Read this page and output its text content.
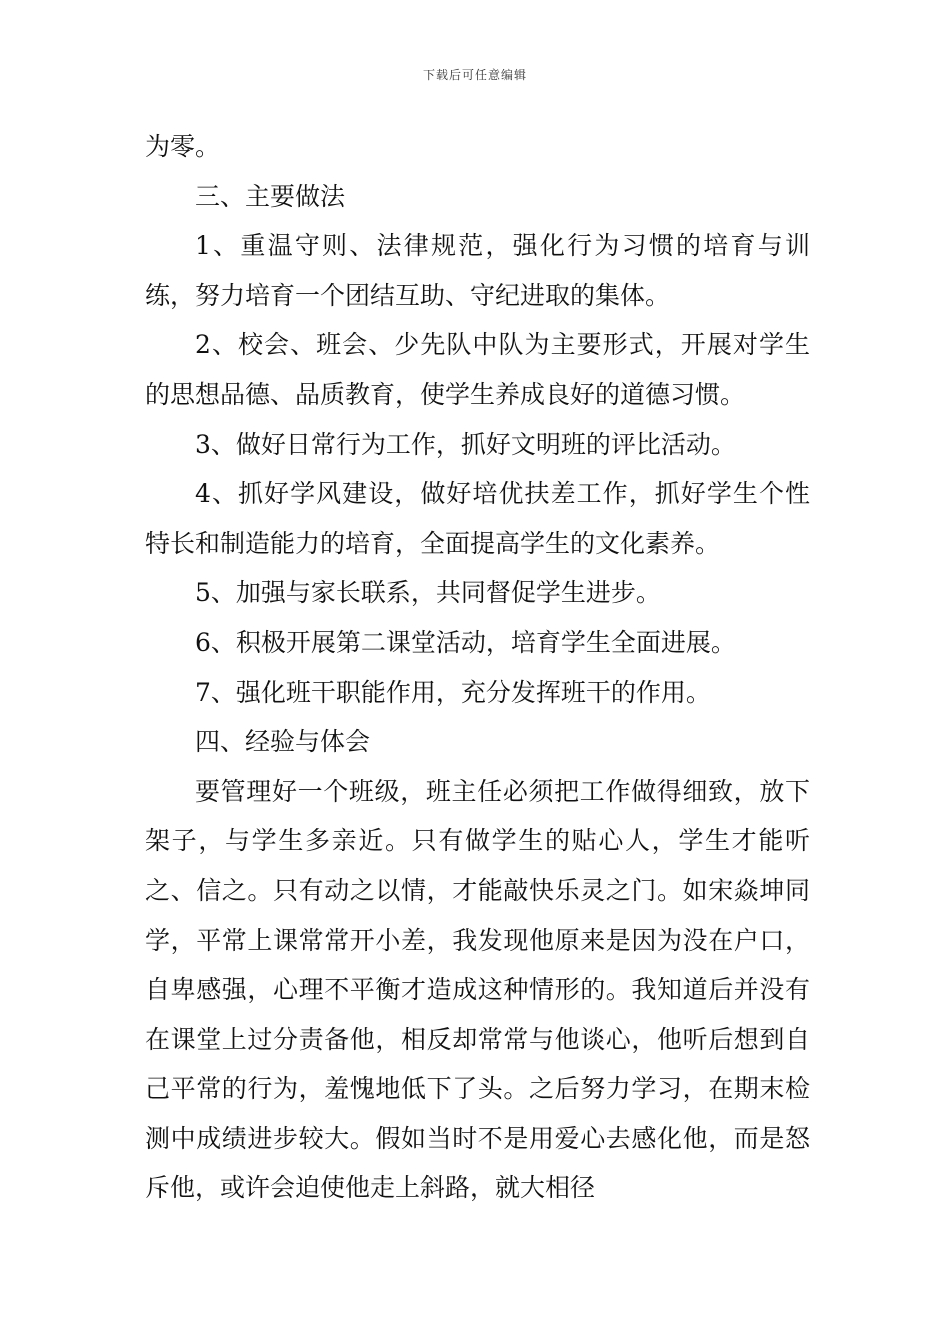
下载后可任意编辑

为零。

三、主要做法

1、重温守则、法律规范，强化行为习惯的培育与训练，努力培育一个团结互助、守纪进取的集体。

2、校会、班会、少先队中队为主要形式，开展对学生的思想品德、品质教育，使学生养成良好的道德习惯。

3、做好日常行为工作，抓好文明班的评比活动。

4、抓好学风建设，做好培优扶差工作，抓好学生个性特长和制造能力的培育，全面提高学生的文化素养。

5、加强与家长联系，共同督促学生进步。

6、积极开展第二课堂活动，培育学生全面进展。

7、强化班干职能作用，充分发挥班干的作用。

四、经验与体会

要管理好一个班级，班主任必须把工作做得细致，放下架子，与学生多亲近。只有做学生的贴心人，学生才能听之、信之。只有动之以情，才能敲快乐灵之门。如宋焱坤同学，平常上课常常开小差，我发现他原来是因为没在户口，自卑感强，心理不平衡才造成这种情形的。我知道后并没有在课堂上过分责备他，相反却常常与他谈心，他听后想到自己平常的行为，羞愧地低下了头。之后努力学习，在期末检测中成绩进步较大。假如当时不是用爱心去感化他，而是怒斥他，或许会迫使他走上斜路，就大相径
